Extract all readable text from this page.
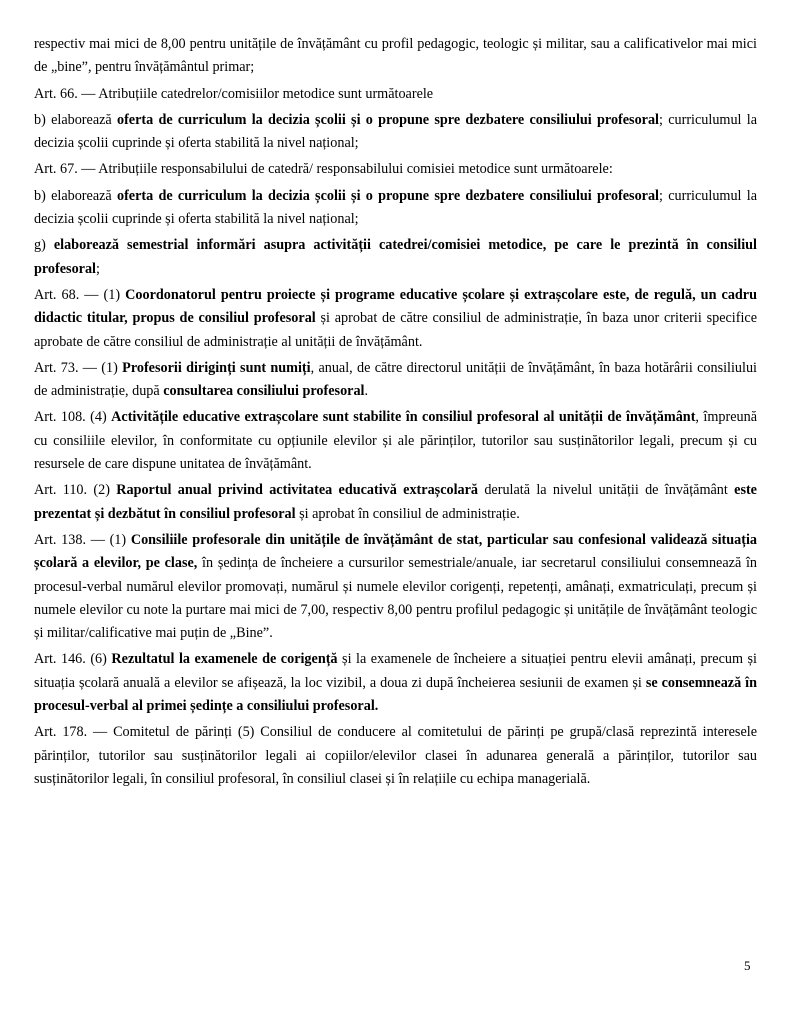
respectiv mai mici de 8,00 pentru unitățile de învățământ cu profil pedagogic, teologic și militar, sau a calificativelor mai mici de „bine”, pentru învățământul primar;

Art. 66. — Atribuțiile catedrelor/comisiilor metodice sunt următoarele

b) elaborează oferta de curriculum la decizia școlii și o propune spre dezbatere consiliului profesoral; curriculumul la decizia școlii cuprinde și oferta stabilită la nivel național;

Art. 67. — Atribuțiile responsabilului de catedră/ responsabilului comisiei metodice sunt următoarele:

b) elaborează oferta de curriculum la decizia școlii și o propune spre dezbatere consiliului profesoral; curriculumul la decizia școlii cuprinde și oferta stabilită la nivel național;

g) elaborează semestrial informări asupra activității catedrei/comisiei metodice, pe care le prezintă în consiliul profesoral;

Art. 68. — (1) Coordonatorul pentru proiecte și programe educative școlare și extrașcolare este, de regulă, un cadru didactic titular, propus de consiliul profesoral și aprobat de către consiliul de administrație, în baza unor criterii specifice aprobate de către consiliul de administrație al unității de învățământ.

Art. 73. — (1) Profesorii diriginți sunt numiți, anual, de către directorul unității de învățământ, în baza hotărârii consiliului de administrație, după consultarea consiliului profesoral.

Art. 108. (4) Activitățile educative extrașcolare sunt stabilite în consiliul profesoral al unității de învățământ, împreună cu consiliile elevilor, în conformitate cu opțiunile elevilor și ale părinților, tutorilor sau susținătorilor legali, precum și cu resursele de care dispune unitatea de învățământ.

Art. 110. (2) Raportul anual privind activitatea educativă extrașcolară derulată la nivelul unității de învățământ este prezentat și dezbătut în consiliul profesoral și aprobat în consiliul de administrație.

Art. 138. — (1) Consiliile profesorale din unitățile de învățământ de stat, particular sau confesional validează situația școlară a elevilor, pe clase, în ședința de încheiere a cursurilor semestriale/anuale, iar secretarul consiliului consemnează în procesul-verbal numărul elevilor promovați, numărul și numele elevilor corigenți, repetenți, amânați, exmatriculați, precum și numele elevilor cu note la purtare mai mici de 7,00, respectiv 8,00 pentru profilul pedagogic și unitățile de învățământ teologic și militar/calificative mai puțin de „Bine”.

Art. 146. (6) Rezultatul la examenele de corigență și la examenele de încheiere a situației pentru elevii amânați, precum și situația școlară anuală a elevilor se afișează, la loc vizibil, a doua zi după încheierea sesiunii de examen și se consemnează în procesul-verbal al primei ședințe a consiliului profesoral.

Art. 178. — Comitetul de părinți (5) Consiliul de conducere al comitetului de părinți pe grupă/clasă reprezintă interesele părinților, tutorilor sau susținătorilor legali ai copiilor/elevilor clasei în adunarea generală a părinților, tutorilor sau susținătorilor legali, în consiliul profesoral, în consiliul clasei și în relațiile cu echipa managerială.

5
